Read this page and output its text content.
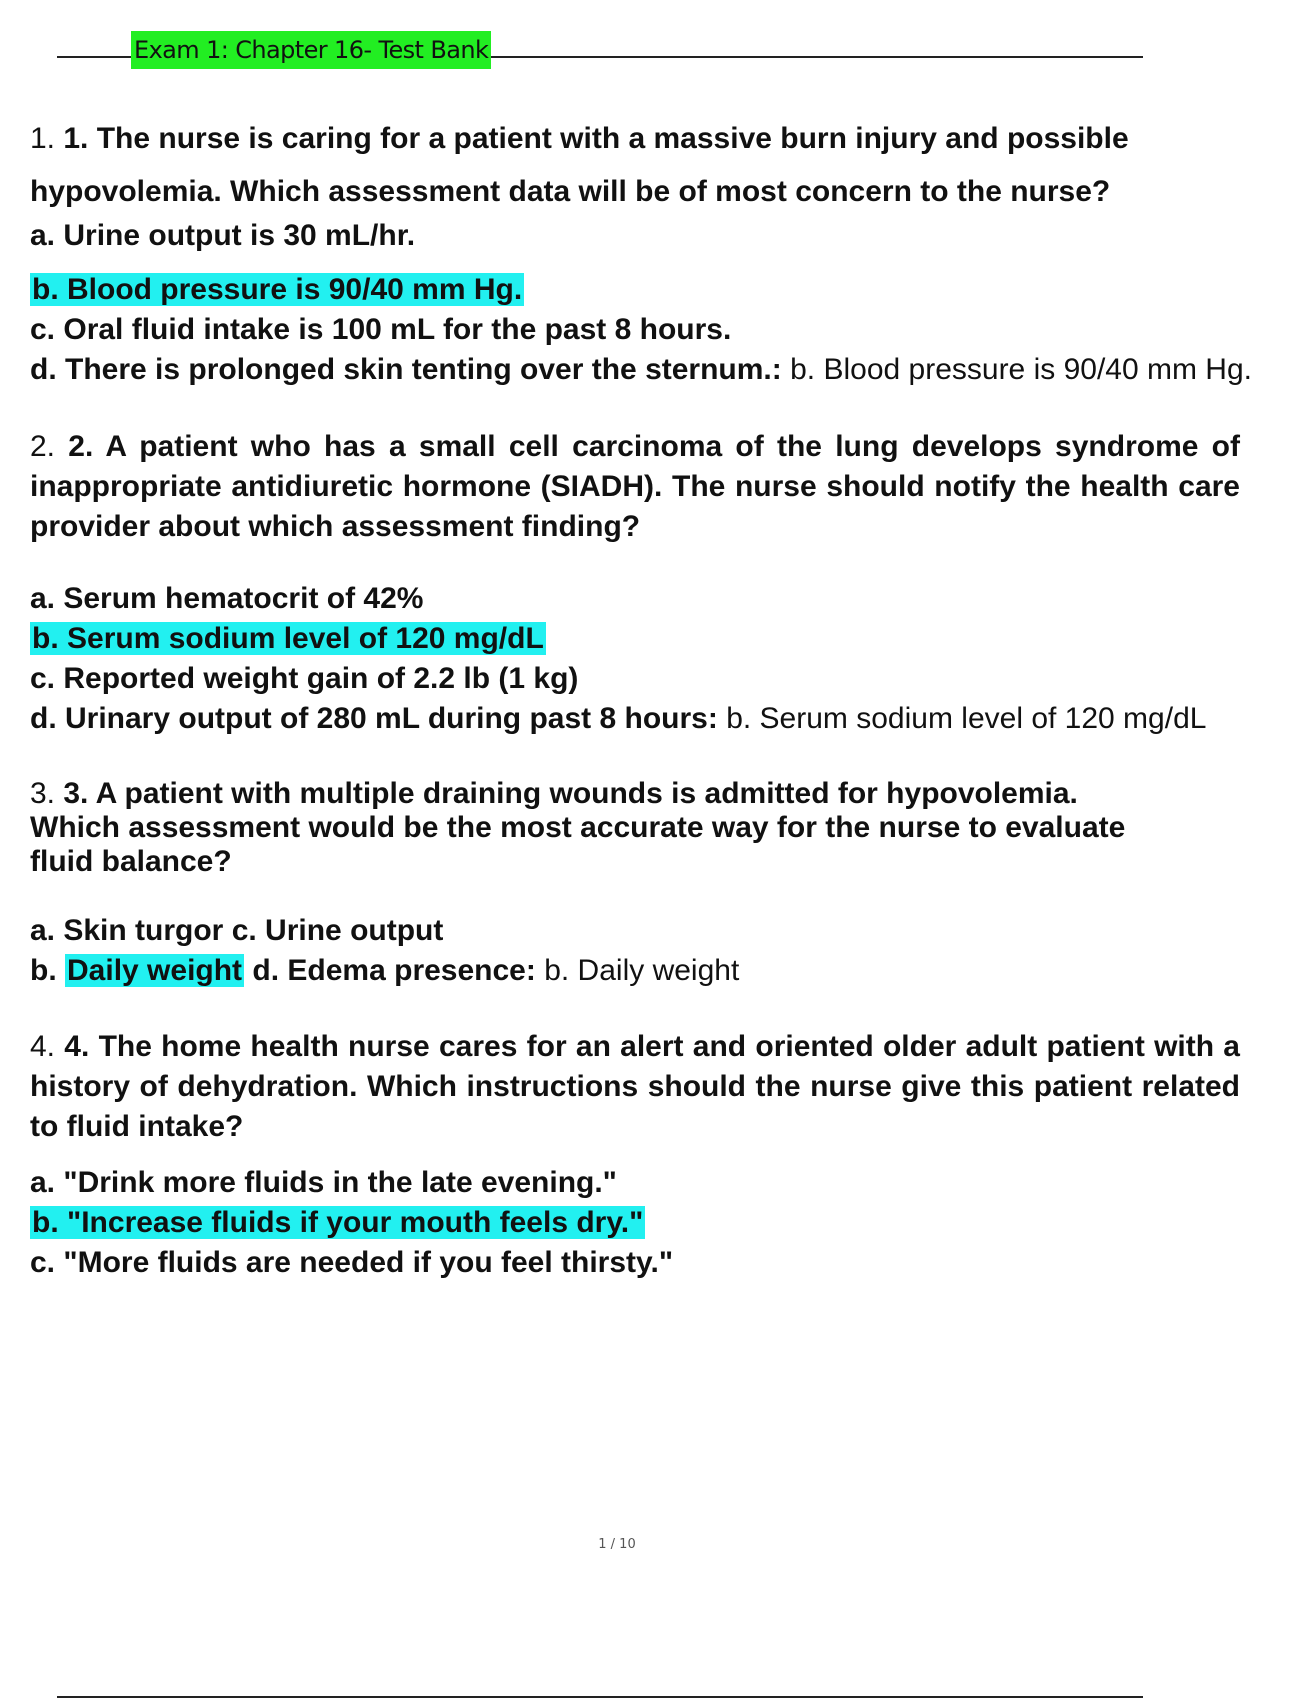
Exam 1: Chapter 16- Test Bank

1. 1. The nurse is caring for a patient with a massive burn injury and possible hypovolemia. Which assessment data will be of most concern to the nurse?

a. Urine output is 30 mL/hr.

b. Blood pressure is 90/40 mm Hg.

c. Oral fluid intake is 100 mL for the past 8 hours.

d. There is prolonged skin tenting over the sternum.: b. Blood pressure is 90/40 mm Hg.

2. 2. A patient who has a small cell carcinoma of the lung develops syndrome of inappropriate antidiuretic hormone (SIADH). The nurse should notify the health care provider about which assessment finding?

a. Serum hematocrit of 42%

b. Serum sodium level of 120 mg/dL

c. Reported weight gain of 2.2 lb (1 kg)

d. Urinary output of 280 mL during past 8 hours: b. Serum sodium level of 120 mg/dL

3. 3. A patient with multiple draining wounds is admitted for hypovolemia. Which assessment would be the most accurate way for the nurse to evaluate fluid balance?

a. Skin turgor c. Urine output

b. Daily weight d. Edema presence: b. Daily weight

4. 4. The home health nurse cares for an alert and oriented older adult patient with a history of dehydration. Which instructions should the nurse give this patient related to fluid intake?

a. "Drink more fluids in the late evening."

b. "Increase fluids if your mouth feels dry."

c. "More fluids are needed if you feel thirsty."

1 / 10
